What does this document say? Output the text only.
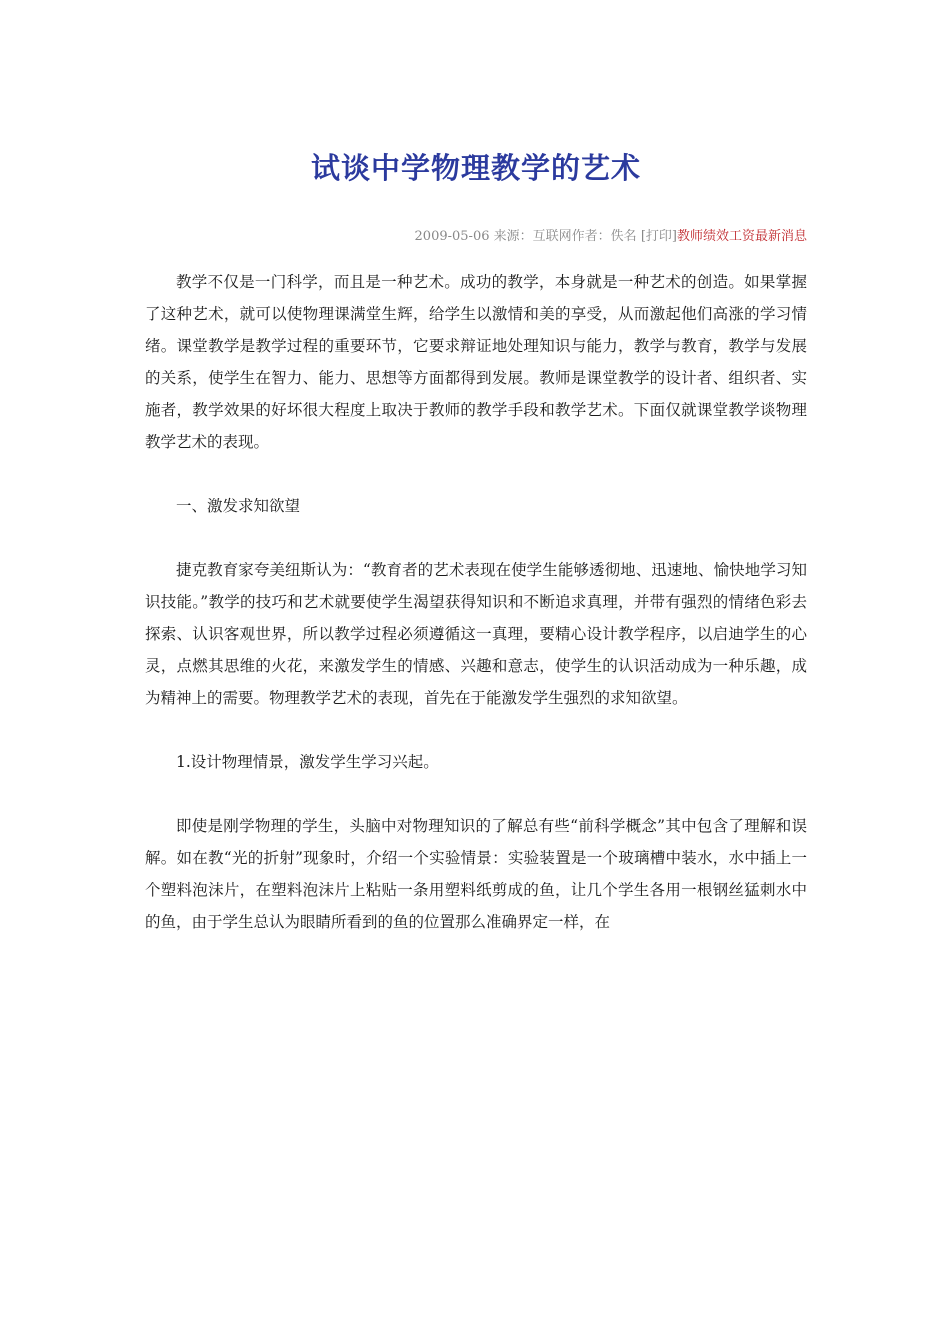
试谈中学物理教学的艺术
2009-05-06 来源：互联网作者：佚名 [打印]教师绩效工资最新消息

教学不仅是一门科学，而且是一种艺术。成功的教学，本身就是一种艺术的创造。如果掌握了这种艺术，就可以使物理课满堂生辉，给学生以激情和美的享受，从而激起他们高涨的学习情绪。课堂教学是教学过程的重要环节，它要求辩证地处理知识与能力，教学与教育，教学与发展的关系，使学生在智力、能力、思想等方面都得到发展。教师是课堂教学的设计者、组织者、实施者，教学效果的好坏很大程度上取决于教师的教学手段和教学艺术。下面仅就课堂教学谈物理教学艺术的表现。

一、激发求知欲望

捷克教育家夸美纽斯认为：“教育者的艺术表现在使学生能够透彻地、迅速地、愉快地学习知识技能。”教学的技巧和艺术就要使学生渴望获得知识和不断追求真理，并带有强烈的情绪色彩去探索、认识客观世界，所以教学过程必须遵循这一真理，要精心设计教学程序，以启迪学生的心灵，点燃其思维的火花，来激发学生的情感、兴趣和意志，使学生的认识活动成为一种乐趣，成为精神上的需要。物理教学艺术的表现，首先在于能激发学生强烈的求知欲望。

1.设计物理情景，激发学生学习兴起。

即使是刚学物理的学生，头脑中对物理知识的了解总有些“前科学概念”其中包含了理解和误解。如在教“光的折射”现象时，介绍一个实验情景：实验装置是一个玻璃槽中装水，水中插上一个塑料泡沫片，在塑料泡沫片上粘贴一条用塑料纸剪成的鱼，让几个学生各用一根钢丝猛刺水中的鱼，由于学生总认为眼睛所看到的鱼的位置那么准确界定一样，在
